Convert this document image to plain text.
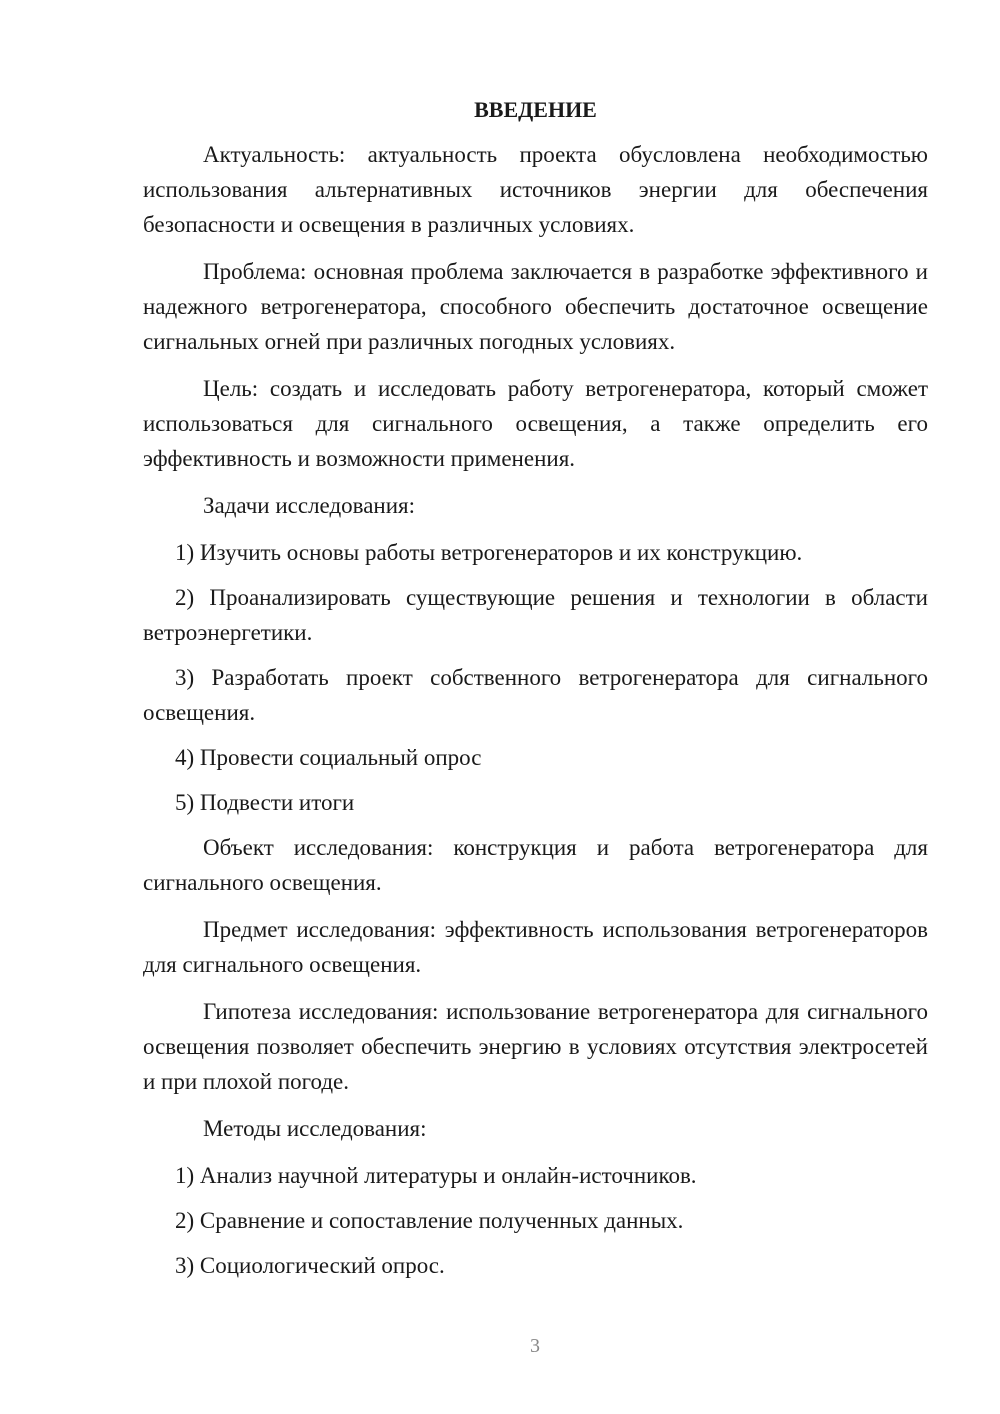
ВВЕДЕНИЕ

Актуальность: актуальность проекта обусловлена необходимостью использования альтернативных источников энергии для обеспечения безопасности и освещения в различных условиях.

Проблема: основная проблема заключается в разработке эффективного и надежного ветрогенератора, способного обеспечить достаточное освещение сигнальных огней при различных погодных условиях.

Цель: создать и исследовать работу ветрогенератора, который сможет использоваться для сигнального освещения, а также определить его эффективность и возможности применения.

Задачи исследования:

1) Изучить основы работы ветрогенераторов и их конструкцию.

2) Проанализировать существующие решения и технологии в области ветроэнергетики.

3) Разработать проект собственного ветрогенератора для сигнального освещения.

4) Провести социальный опрос

5) Подвести итоги

Объект исследования: конструкция и работа ветрогенератора для сигнального освещения.

Предмет исследования: эффективность использования ветрогенераторов для сигнального освещения.

Гипотеза исследования: использование ветрогенератора для сигнального освещения позволяет обеспечить энергию в условиях отсутствия электросетей и при плохой погоде.

Методы исследования:

1) Анализ научной литературы и онлайн-источников.

2) Сравнение и сопоставление полученных данных.

3) Социологический опрос.

3
